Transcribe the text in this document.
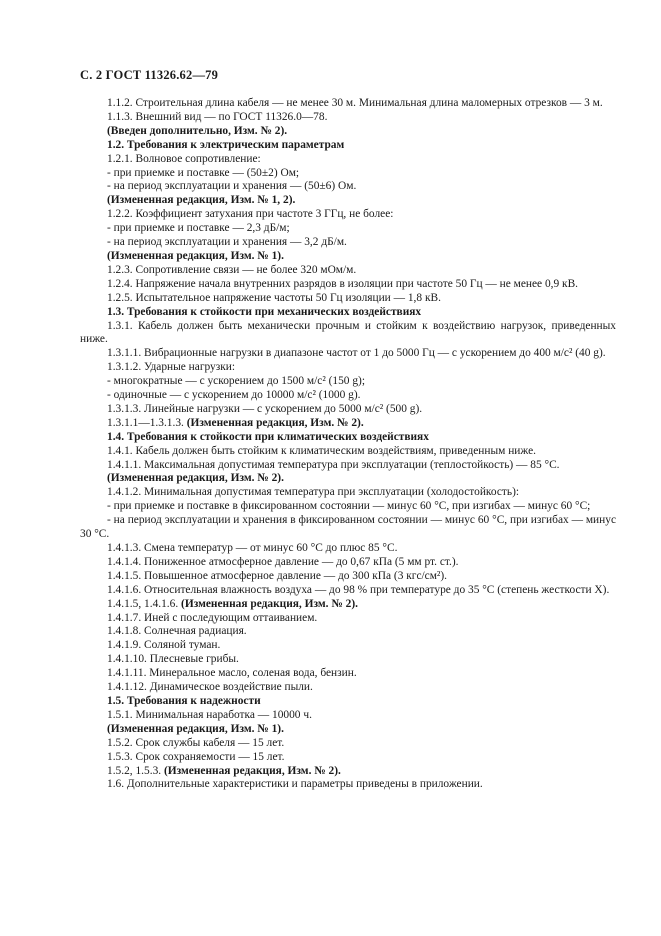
С. 2 ГОСТ 11326.62—79

1.1.2. Строительная длина кабеля — не менее 30 м. Минимальная длина маломерных отрезков — 3 м.

1.1.3. Внешний вид — по ГОСТ 11326.0—78.

(Введен дополнительно, Изм. № 2).

1.2. Требования к электрическим параметрам

1.2.1. Волновое сопротивление:

- при приемке и поставке — (50±2) Ом;

- на период эксплуатации и хранения — (50±6) Ом.

(Измененная редакция, Изм. № 1, 2).

1.2.2. Коэффициент затухания при частоте 3 ГГц, не более:

- при приемке и поставке — 2,3 дБ/м;

- на период эксплуатации и хранения — 3,2 дБ/м.

(Измененная редакция, Изм. № 1).

1.2.3. Сопротивление связи — не более 320 мОм/м.

1.2.4. Напряжение начала внутренних разрядов в изоляции при частоте 50 Гц — не менее 0,9 кВ.

1.2.5. Испытательное напряжение частоты 50 Гц изоляции — 1,8 кВ.

1.3. Требования к стойкости при механических воздействиях

1.3.1. Кабель должен быть механически прочным и стойким к воздействию нагрузок, приведенных ниже.

1.3.1.1. Вибрационные нагрузки в диапазоне частот от 1 до 5000 Гц — с ускорением до 400 м/с² (40 g).

1.3.1.2. Ударные нагрузки:

- многократные — с ускорением до 1500 м/с² (150 g);

- одиночные — с ускорением до 10000 м/с² (1000 g).

1.3.1.3. Линейные нагрузки — с ускорением до 5000 м/с² (500 g).

1.3.1.1—1.3.1.3. (Измененная редакция, Изм. № 2).

1.4. Требования к стойкости при климатических воздействиях

1.4.1. Кабель должен быть стойким к климатическим воздействиям, приведенным ниже.

1.4.1.1. Максимальная допустимая температура при эксплуатации (теплостойкость) — 85 °С.

(Измененная редакция, Изм. № 2).

1.4.1.2. Минимальная допустимая температура при эксплуатации (холодостойкость):

- при приемке и поставке в фиксированном состоянии — минус 60 °С, при изгибах — минус 60 °С;

- на период эксплуатации и хранения в фиксированном состоянии — минус 60 °С, при изгибах — минус 30 °С.

1.4.1.3. Смена температур — от минус 60 °С до плюс 85 °С.

1.4.1.4. Пониженное атмосферное давление — до 0,67 кПа (5 мм рт. ст.).

1.4.1.5. Повышенное атмосферное давление — до 300 кПа (3 кгс/см²).

1.4.1.6. Относительная влажность воздуха — до 98 % при температуре до 35 °С (степень жесткости X).

1.4.1.5, 1.4.1.6. (Измененная редакция, Изм. № 2).

1.4.1.7. Иней с последующим оттаиванием.

1.4.1.8. Солнечная радиация.

1.4.1.9. Соляной туман.

1.4.1.10. Плесневые грибы.

1.4.1.11. Минеральное масло, соленая вода, бензин.

1.4.1.12. Динамическое воздействие пыли.

1.5. Требования к надежности

1.5.1. Минимальная наработка — 10000 ч.

(Измененная редакция, Изм. № 1).

1.5.2. Срок службы кабеля — 15 лет.

1.5.3. Срок сохраняемости — 15 лет.

1.5.2, 1.5.3. (Измененная редакция, Изм. № 2).

1.6. Дополнительные характеристики и параметры приведены в приложении.
